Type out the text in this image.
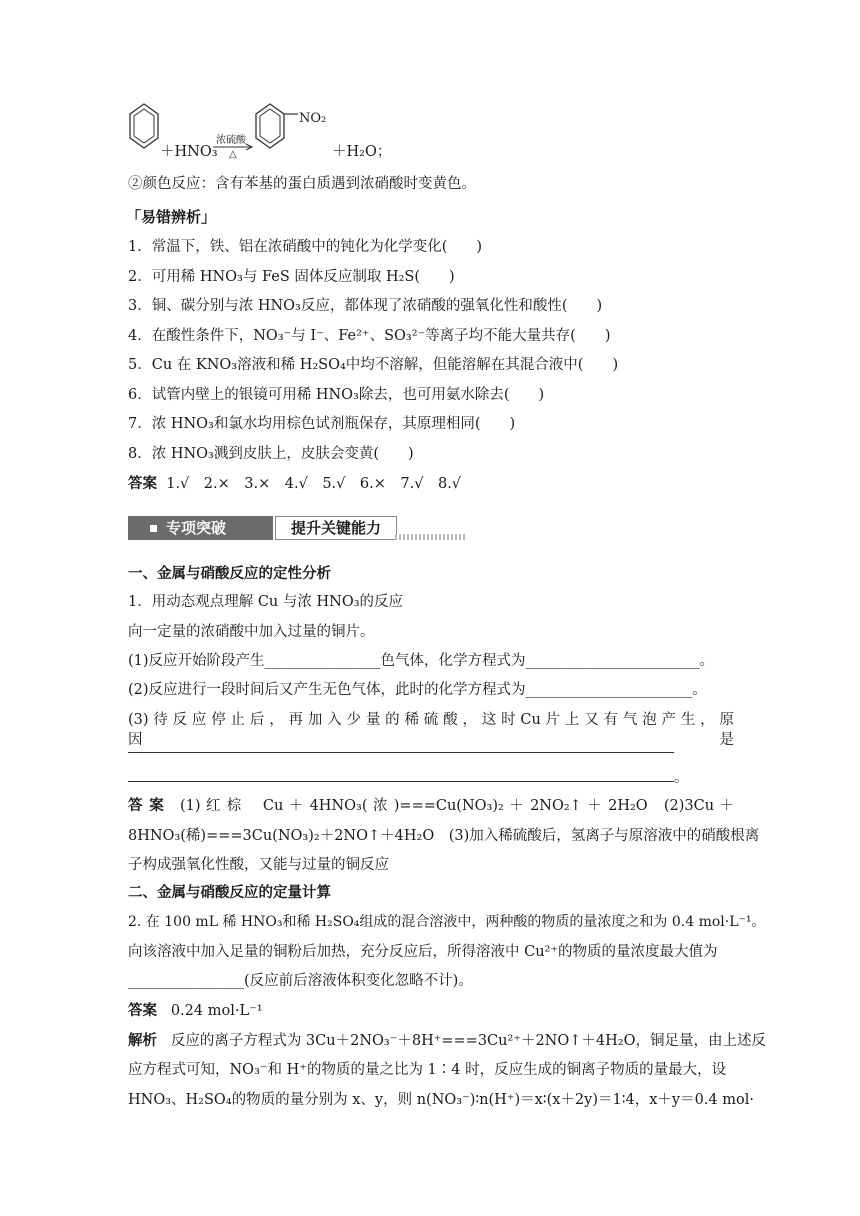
＋HNO₃
浓硫酸
△
NO₂
＋H₂O；
②颜色反应：含有苯基的蛋白质遇到浓硝酸时变黄色。
「易错辨析」
1．常温下，铁、铝在浓硝酸中的钝化为化学变化(　　)
2．可用稀 HNO₃与 FeS 固体反应制取 H₂S(　　)
3．铜、碳分别与浓 HNO₃反应，都体现了浓硝酸的强氧化性和酸性(　　)
4．在酸性条件下，NO₃⁻与 I⁻、Fe²⁺、SO₃²⁻等离子均不能大量共存(　　)
5．Cu 在 KNO₃溶液和稀 H₂SO₄中均不溶解，但能溶解在其混合液中(　　)
6．试管内壁上的银镜可用稀 HNO₃除去，也可用氨水除去(　　)
7．浓 HNO₃和氯水均用棕色试剂瓶保存，其原理相同(　　)
8．浓 HNO₃溅到皮肤上，皮肤会变黄(　　)
答案 1.√　2.×　3.×　4.√　5.√　6.×　7.√　8.√
专项突破	提升关键能力
一、金属与硝酸反应的定性分析
1．用动态观点理解 Cu 与浓 HNO₃的反应
向一定量的浓硝酸中加入过量的铜片。
(1)反应开始阶段产生________________色气体，化学方程式为________________________。
(2)反应进行一段时间后又产生无色气体，此时的化学方程式为_______________________。
(3) 待 反 应 停 止 后 ， 再 加 入 少 量 的 稀 硫 酸 ， 这 时 Cu 片 上 又 有 气 泡 产 生 ， 原 因 是
。
答 案　 (1) 红 棕　 Cu ＋ 4HNO₃( 浓 )===Cu(NO₃)₂ ＋ 2NO₂↑ ＋ 2H₂O　(2)3Cu ＋
8HNO₃(稀)===3Cu(NO₃)₂＋2NO↑＋4H₂O　(3)加入稀硫酸后，氢离子与原溶液中的硝酸根离
子构成强氧化性酸，又能与过量的铜反应
二、金属与硝酸反应的定量计算
2. 在 100 mL 稀 HNO₃和稀 H₂SO₄组成的混合溶液中，两种酸的物质的量浓度之和为 0.4 mol·L⁻¹。
向该溶液中加入足量的铜粉后加热，充分反应后，所得溶液中 Cu²⁺的物质的量浓度最大值为
________________(反应前后溶液体积变化忽略不计)。
答案 0.24 mol·L⁻¹
解析 反应的离子方程式为 3Cu＋2NO₃⁻＋8H⁺===3Cu²⁺＋2NO↑＋4H₂O，铜足量，由上述反
应方程式可知，NO₃⁻和 H⁺的物质的量之比为 1∶4 时，反应生成的铜离子物质的量最大，设
HNO₃、H₂SO₄的物质的量分别为 x、y，则 n(NO₃⁻)∶n(H⁺)＝x∶(x＋2y)＝1∶4，x＋y＝0.4 mol·
